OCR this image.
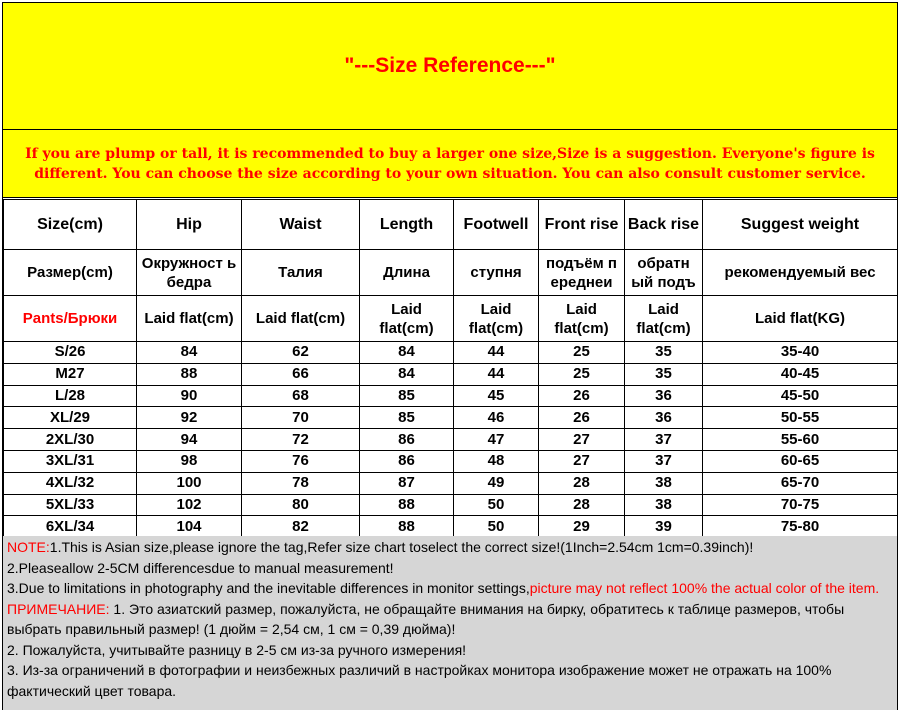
"---Size Reference---"
If you are plump or tall, it is recommended to buy a larger one size,Size is a suggestion. Everyone's figure is different. You can choose the size according to your own situation. You can also consult customer service.
Size(cm)	Hip	Waist	Length	Footwell	Front rise	Back rise	Suggest weight
Размер(cm)	Окружност ь бедра	Талия	Длина	ступня	подъём п ереднеи	обратн ый подъ	рекомендуемый вес
Pants/Брюки	Laid flat(cm)	Laid flat(cm)	Laid flat(cm)	Laid flat(cm)	Laid flat(cm)	Laid flat(cm)	Laid flat(KG)
S/26	84	62	84	44	25	35	35-40
M27	88	66	84	44	25	35	40-45
L/28	90	68	85	45	26	36	45-50
XL/29	92	70	85	46	26	36	50-55
2XL/30	94	72	86	47	27	37	55-60
3XL/31	98	76	86	48	27	37	60-65
4XL/32	100	78	87	49	28	38	65-70
5XL/33	102	80	88	50	28	38	70-75
6XL/34	104	82	88	50	29	39	75-80

NOTE:1.This is Asian size,please ignore the tag,Refer size chart toselect the correct size!(1Inch=2.54cm 1cm=0.39inch)!

2.Pleaseallow 2-5CM differencesdue to manual measurement!

3.Due to limitations in photography and the inevitable differences in monitor settings,picture may not reflect 100% the actual color of the item.

ПРИМЕЧАНИЕ: 1. Это азиатский размер, пожалуйста, не обращайте внимания на бирку, обратитесь к таблице размеров, чтобы выбрать правильный размер! (1 дюйм = 2,54 см, 1 см = 0,39 дюйма)!

2. Пожалуйста, учитывайте разницу в 2-5 см из-за ручного измерения!

3. Из-за ограничений в фотографии и неизбежных различий в настройках монитора изображение может не отражать на 100% фактический цвет товара.
